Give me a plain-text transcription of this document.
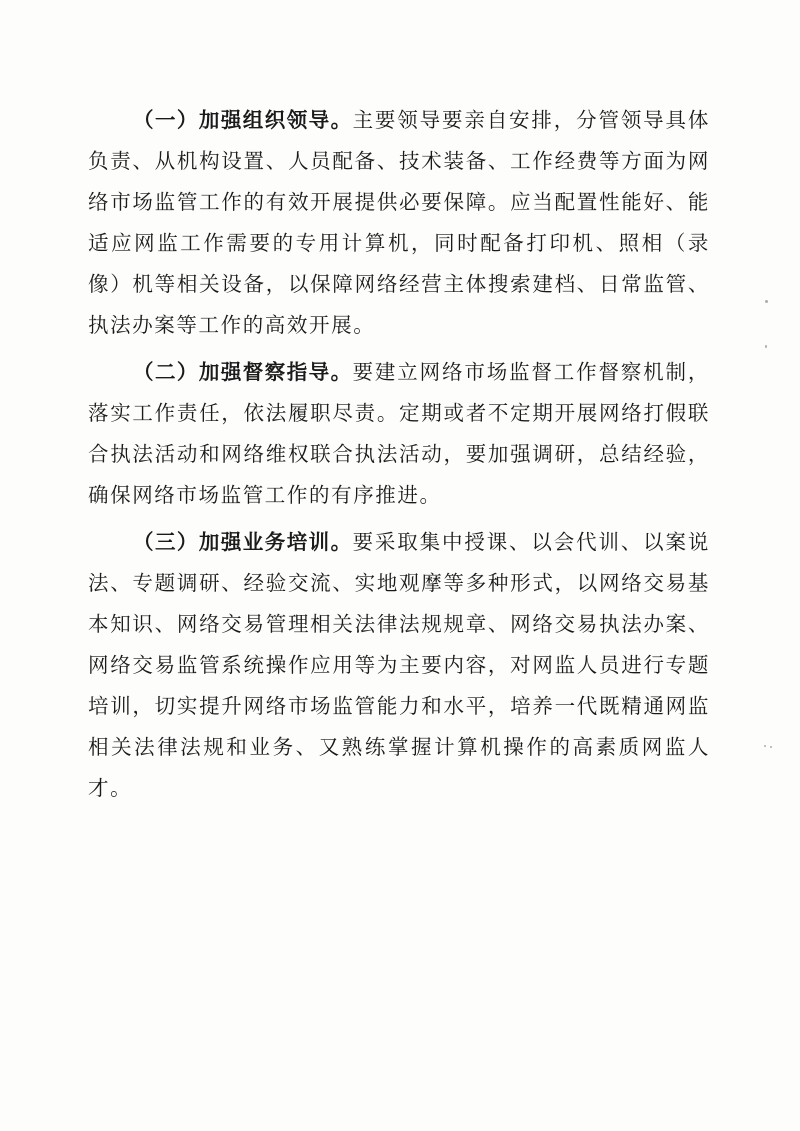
（一）加强组织领导。主要领导要亲自安排，分管领导具体负责、从机构设置、人员配备、技术装备、工作经费等方面为网络市场监管工作的有效开展提供必要保障。应当配置性能好、能适应网监工作需要的专用计算机，同时配备打印机、照相（录像）机等相关设备，以保障网络经营主体搜索建档、日常监管、执法办案等工作的高效开展。

（二）加强督察指导。要建立网络市场监督工作督察机制，落实工作责任，依法履职尽责。定期或者不定期开展网络打假联合执法活动和网络维权联合执法活动，要加强调研，总结经验，确保网络市场监管工作的有序推进。

（三）加强业务培训。要采取集中授课、以会代训、以案说法、专题调研、经验交流、实地观摩等多种形式，以网络交易基本知识、网络交易管理相关法律法规规章、网络交易执法办案、网络交易监管系统操作应用等为主要内容，对网监人员进行专题培训，切实提升网络市场监管能力和水平，培养一代既精通网监相关法律法规和业务、又熟练掌握计算机操作的高素质网监人才。
